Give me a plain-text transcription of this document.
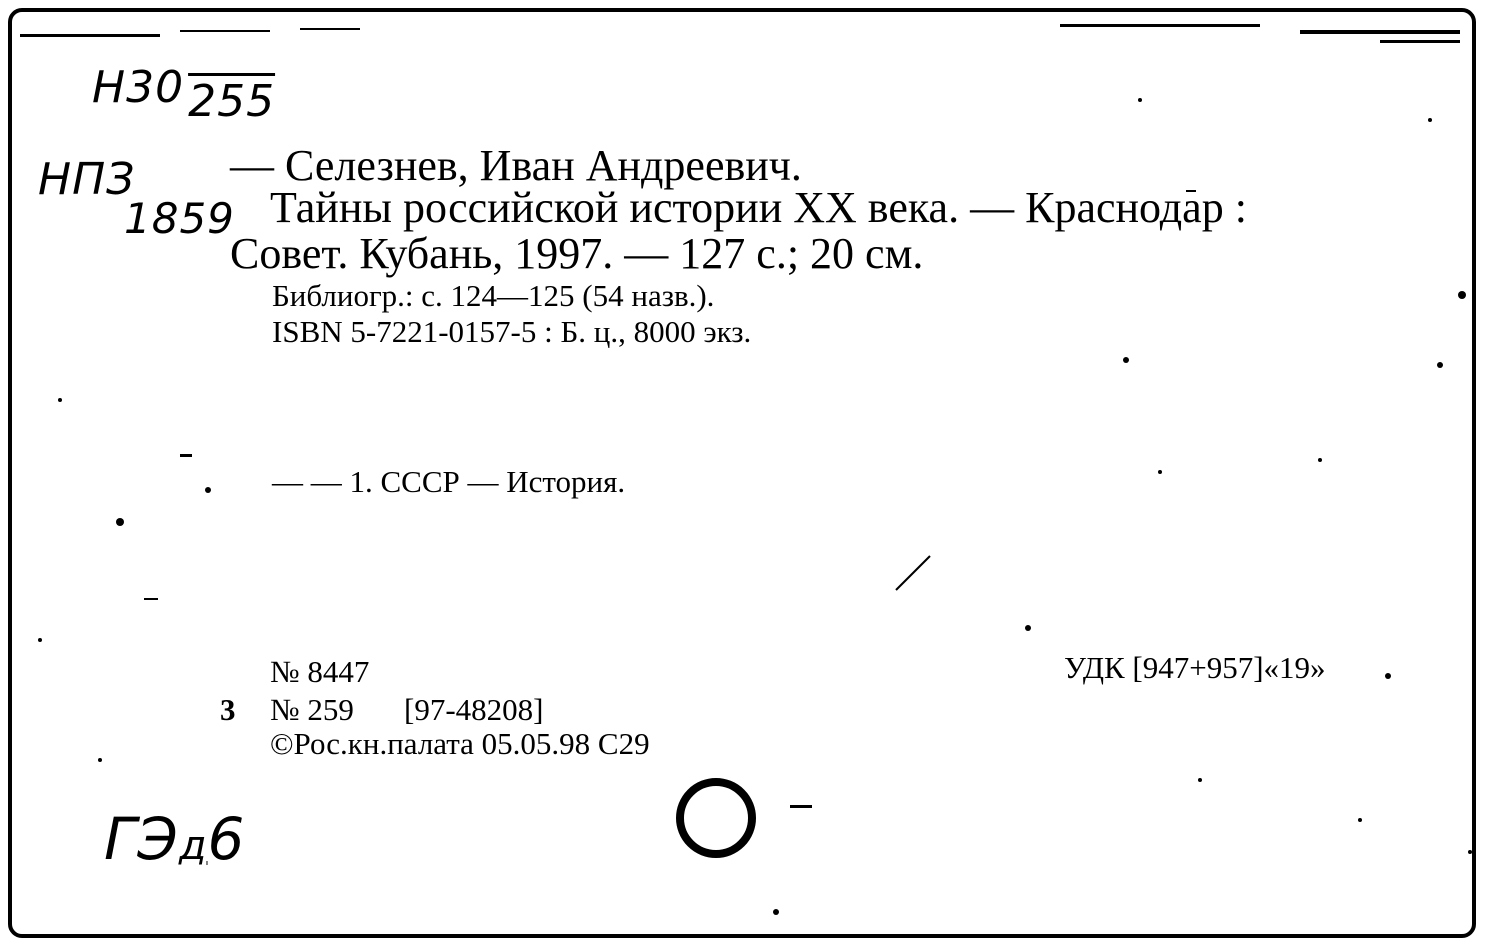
Н30255
НПЗ
1859
— Селезнев, Иван Андреевич.
Тайны российской истории XX века. — Краснодар :
Совет. Кубань, 1997. — 127 с.; 20 см.
Библиогр.: с. 124—125 (54 назв.).
ISBN 5-7221-0157-5 : Б. ц., 8000 экз.
— — 1. СССР — История.
№ 8447
3 № 259 [97-48208]
©Рос.кн.палата 05.05.98 С29
УДК [947+957]«19»
ГЭд6
